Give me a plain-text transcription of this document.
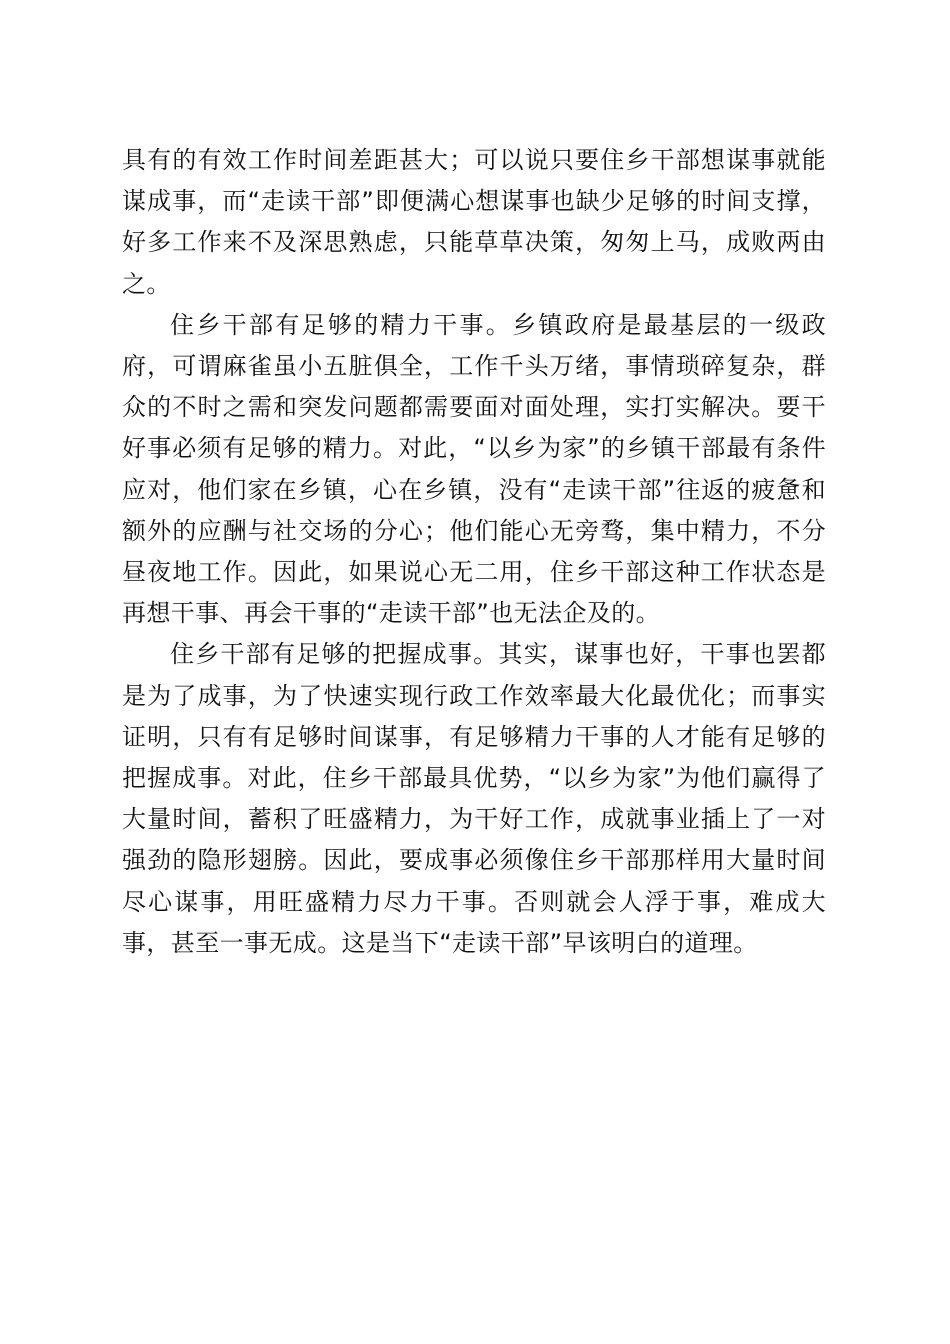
具有的有效工作时间差距甚大；可以说只要住乡干部想谋事就能谋成事，而“走读干部”即便满心想谋事也缺少足够的时间支撑，好多工作来不及深思熟虑，只能草草决策，匆匆上马，成败两由之。

住乡干部有足够的精力干事。乡镇政府是最基层的一级政府，可谓麻雀虽小五脏俱全，工作千头万绪，事情琐碎复杂，群众的不时之需和突发问题都需要面对面处理，实打实解决。要干好事必须有足够的精力。对此，“以乡为家”的乡镇干部最有条件应对，他们家在乡镇，心在乡镇，没有“走读干部”往返的疲惫和额外的应酬与社交场的分心；他们能心无旁骛，集中精力，不分昼夜地工作。因此，如果说心无二用，住乡干部这种工作状态是再想干事、再会干事的“走读干部”也无法企及的。

住乡干部有足够的把握成事。其实，谋事也好，干事也罢都是为了成事，为了快速实现行政工作效率最大化最优化；而事实证明，只有有足够时间谋事，有足够精力干事的人才能有足够的把握成事。对此，住乡干部最具优势，“以乡为家”为他们赢得了大量时间，蓄积了旺盛精力，为干好工作，成就事业插上了一对强劲的隐形翅膀。因此，要成事必须像住乡干部那样用大量时间尽心谋事，用旺盛精力尽力干事。否则就会人浮于事，难成大事，甚至一事无成。这是当下“走读干部”早该明白的道理。
